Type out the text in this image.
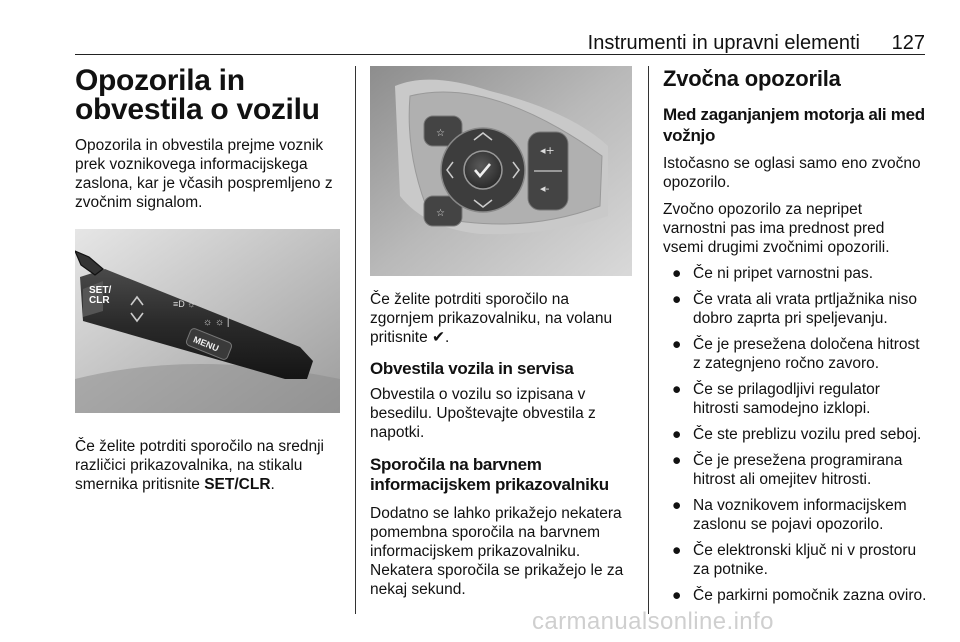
Instrumenti in upravni elementi 127
Opozorila in obvestila o vozilu

Opozorila in obvestila prejme voznik prek voznikovega informacijskega zaslona, kar je včasih pospremljeno z zvočnim signalom.

SET/ CLR	≡D ☼
☼ ☼ |
MENU

Če želite potrditi sporočilo na srednji različici prikazovalnika, na stikalu smernika pritisnite SET/CLR.

☆
☆
◂+
◂-

Če želite potrditi sporočilo na zgornjem prikazovalniku, na volanu pritisnite ✔.

Obvestila vozila in servisa

Obvestila o vozilu so izpisana v besedilu. Upoštevajte obvestila z napotki.

Sporočila na barvnem informacijskem prikazovalniku

Dodatno se lahko prikažejo nekatera pomembna sporočila na barvnem informacijskem prikazovalniku. Nekatera sporočila se prikažejo le za nekaj sekund.

Zvočna opozorila
Med zaganjanjem motorja ali med vožnjo

Istočasno se oglasi samo eno zvočno opozorilo.

Zvočno opozorilo za nepripet varnostni pas ima prednost pred vsemi drugimi zvočnimi opozorili.

● Če ni pripet varnostni pas.
● Če vrata ali vrata prtljažnika niso dobro zaprta pri speljevanju.
● Če je presežena določena hitrost z zategnjeno ročno zavoro.
● Če se prilagodljivi regulator hitrosti samodejno izklopi.
● Če ste preblizu vozilu pred seboj.
● Če je presežena programirana hitrost ali omejitev hitrosti.
● Na voznikovem informacijskem zaslonu se pojavi opozorilo.
● Če elektronski ključ ni v prostoru za potnike.
● Če parkirni pomočnik zazna oviro.
carmanualsonline.info
